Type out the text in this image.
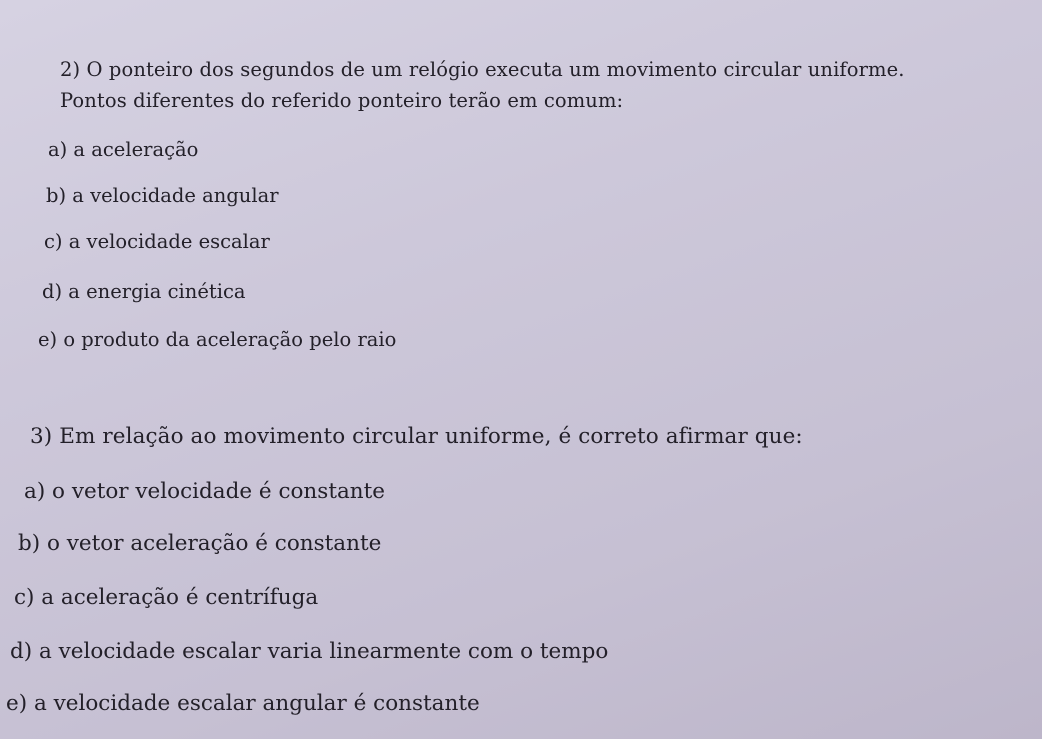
2) O ponteiro dos segundos de um relógio executa um movimento circular uniforme.
Pontos diferentes do referido ponteiro terão em comum:
a) a aceleração
b) a velocidade angular
c) a velocidade escalar
d) a energia cinética
e) o produto da aceleração pelo raio
3) Em relação ao movimento circular uniforme, é correto afirmar que:
a) o vetor velocidade é constante
b) o vetor aceleração é constante
c) a aceleração é centrífuga
d) a velocidade escalar varia linearmente com o tempo
e) a velocidade escalar angular é constante
